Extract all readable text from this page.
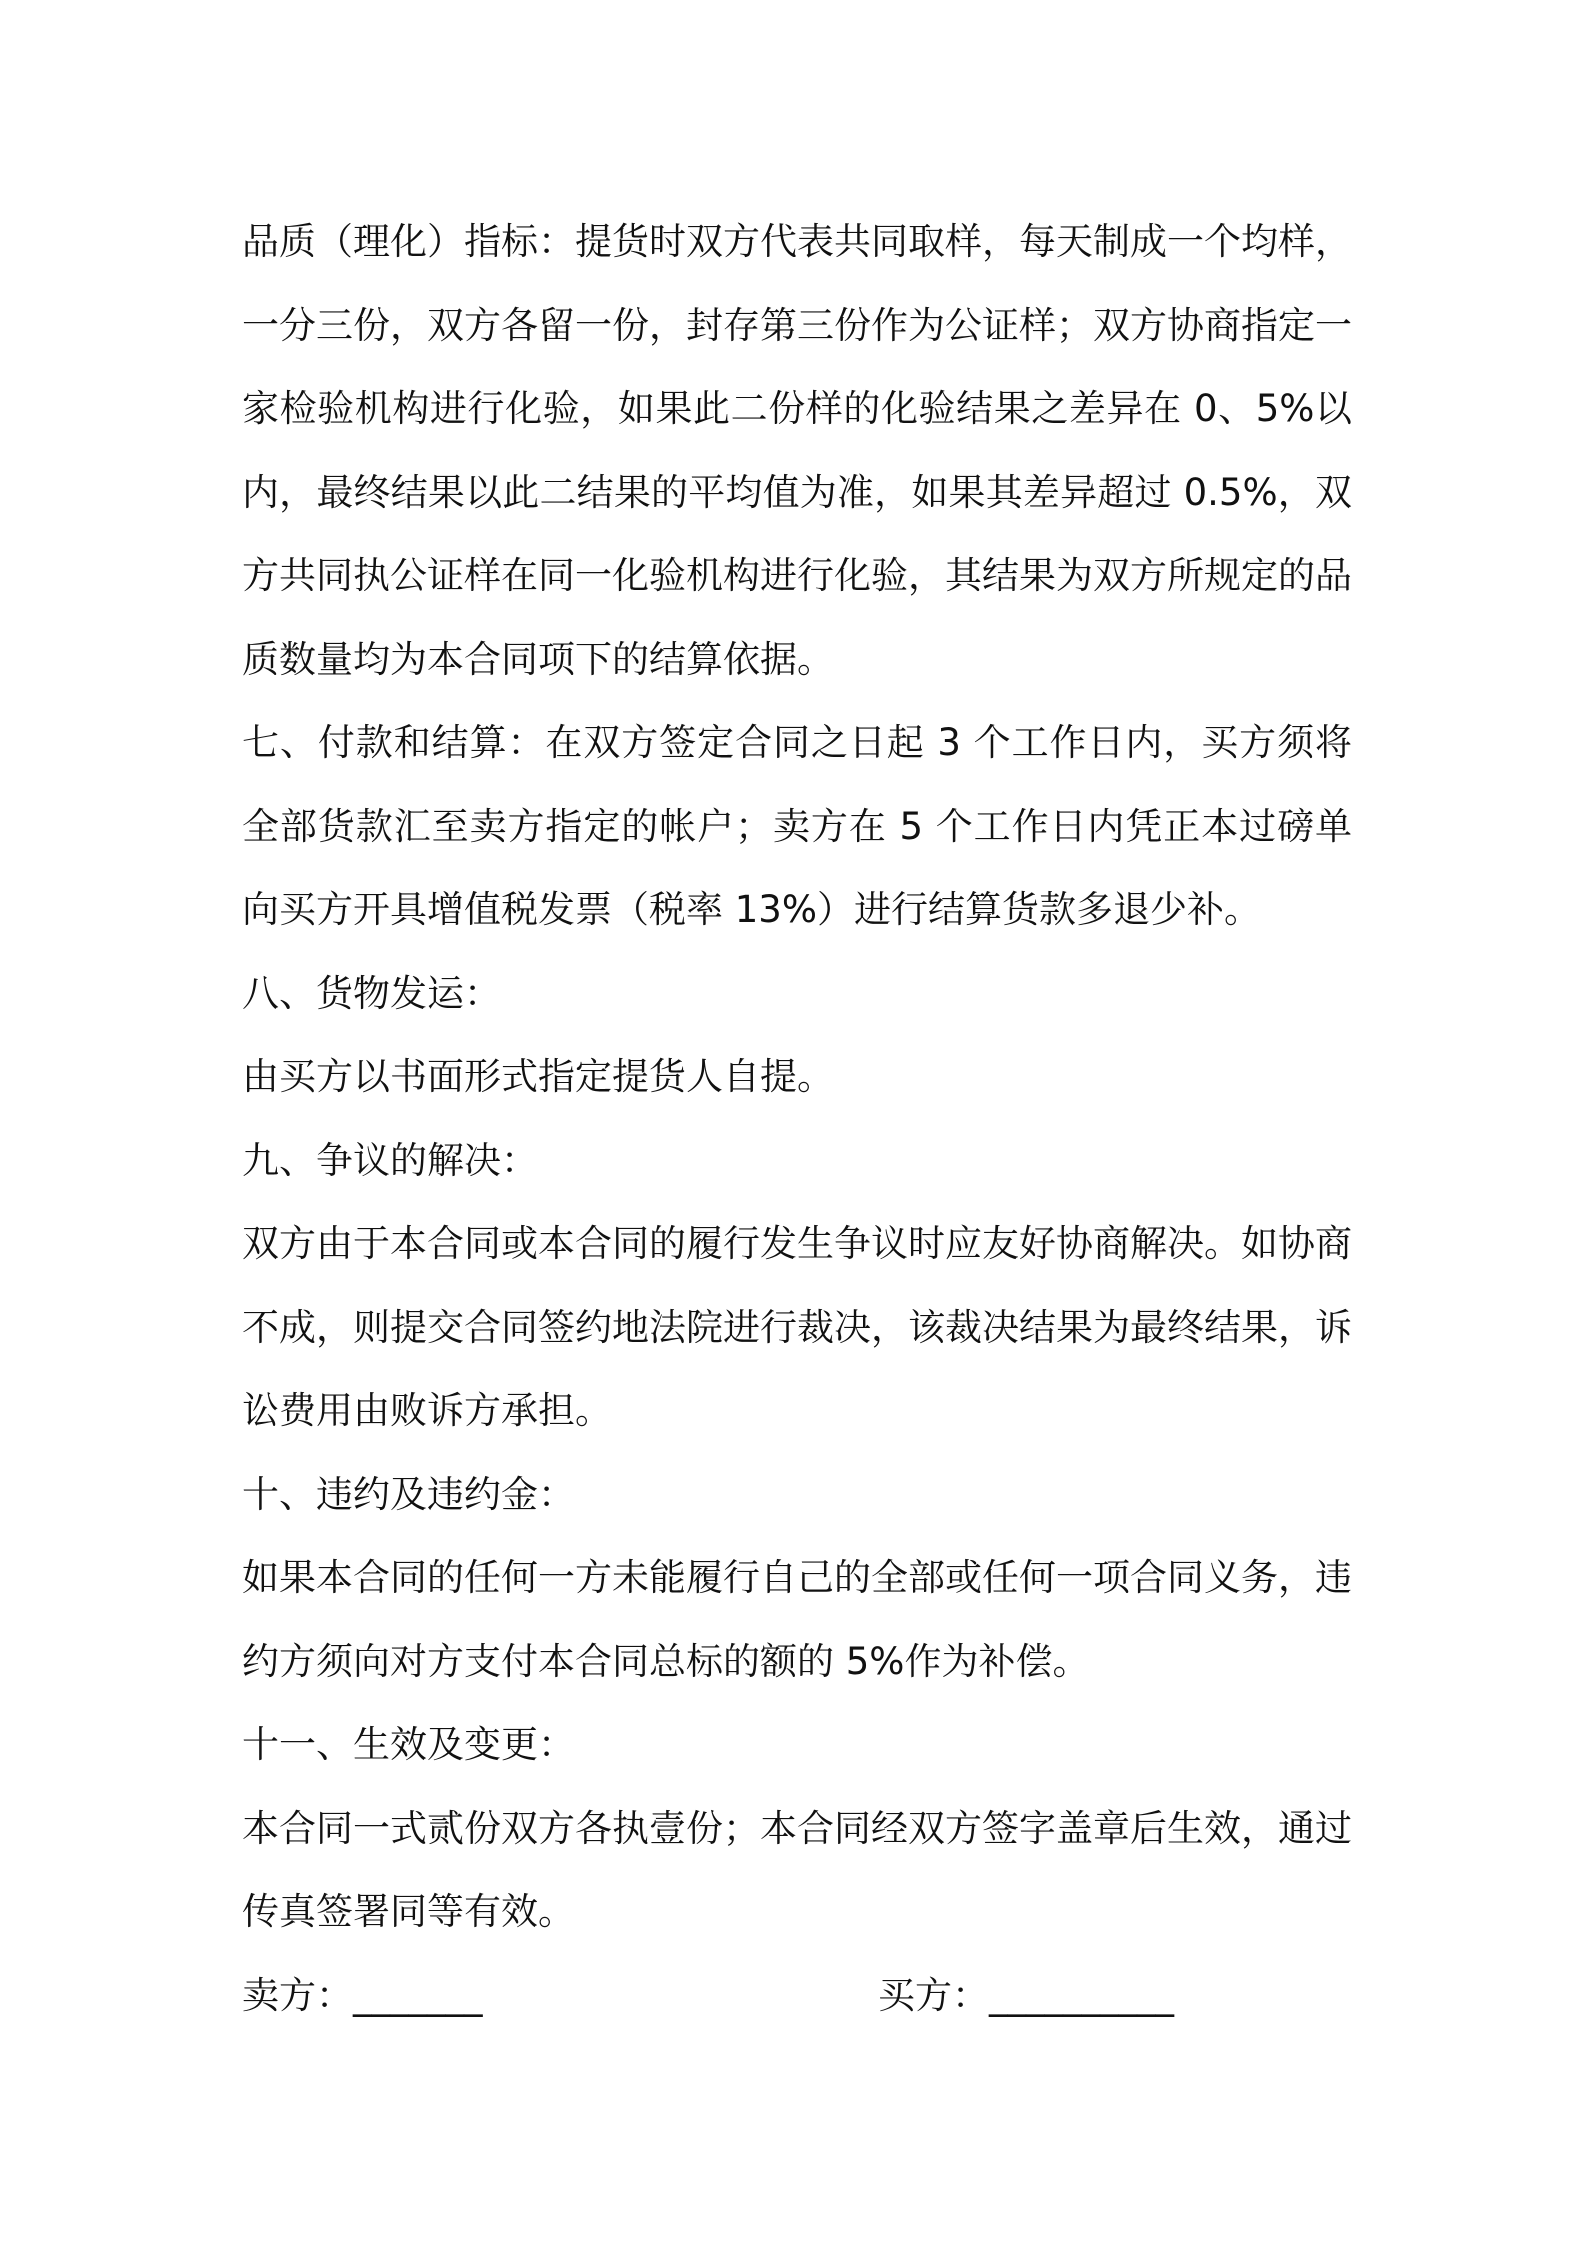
品质（理化）指标：提货时双方代表共同取样，每天制成一个均样，一分三份，双方各留一份，封存第三份作为公证样；双方协商指定一家检验机构进行化验，如果此二份样的化验结果之差异在 0、5%以内，最终结果以此二结果的平均值为准，如果其差异超过 0.5%，双方共同执公证样在同一化验机构进行化验，其结果为双方所规定的品质数量均为本合同项下的结算依据。

七、付款和结算：在双方签定合同之日起 3 个工作日内，买方须将全部货款汇至卖方指定的帐户；卖方在 5 个工作日内凭正本过磅单向买方开具增值税发票（税率 13%）进行结算货款多退少补。

八、货物发运：

由买方以书面形式指定提货人自提。

九、争议的解决：

双方由于本合同或本合同的履行发生争议时应友好协商解决。如协商不成，则提交合同签约地法院进行裁决，该裁决结果为最终结果，诉讼费用由败诉方承担。

十、违约及违约金：

如果本合同的任何一方未能履行自己的全部或任何一项合同义务，违约方须向对方支付本合同总标的额的 5%作为补偿。

十一、生效及变更：

本合同一式贰份双方各执壹份；本合同经双方签字盖章后生效，通过传真签署同等有效。

卖方：_______	买方：__________
